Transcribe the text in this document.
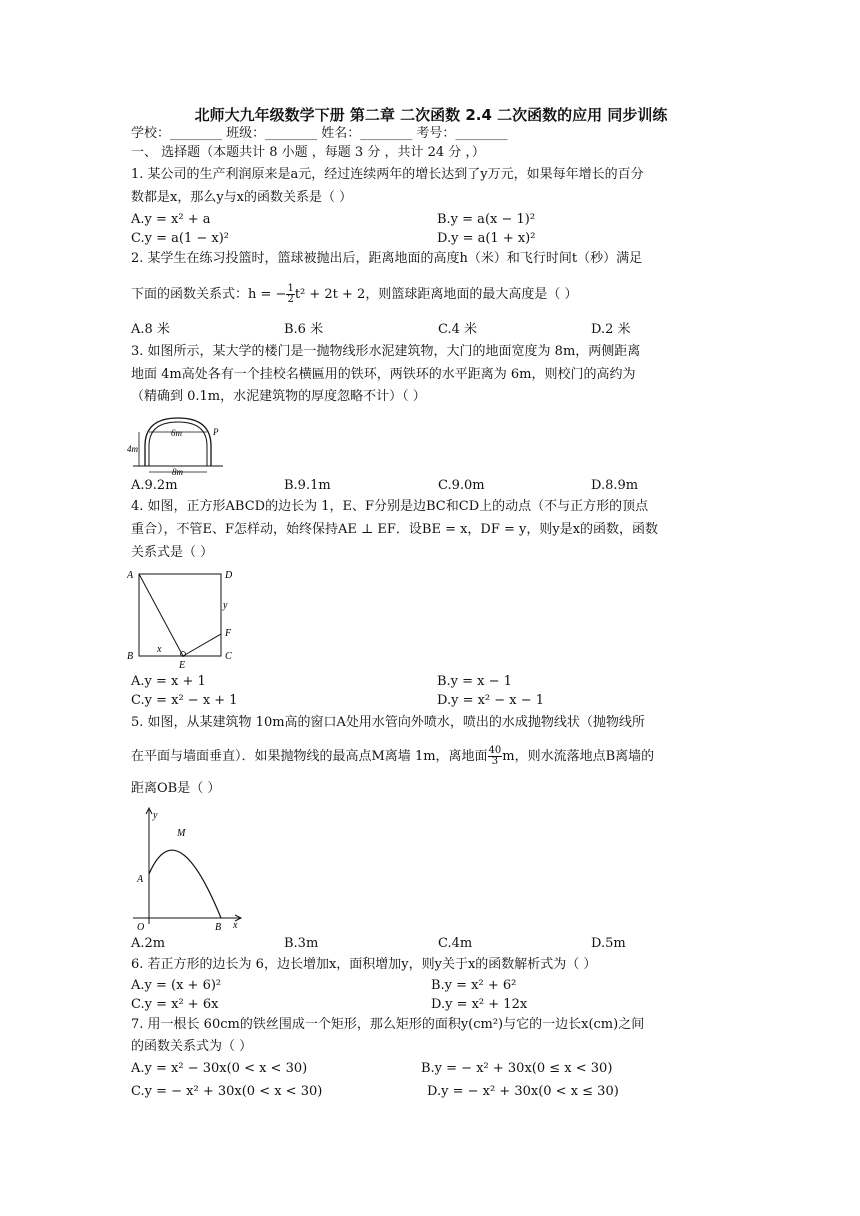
北师大九年级数学下册 第二章 二次函数 2.4 二次函数的应用 同步训练
学校：________ 班级：________ 姓名：________ 考号：________
一、 选择题（本题共计 8 小题 ，每题 3 分 ，共计 24 分 ，）
1. 某公司的生产利润原来是a元，经过连续两年的增长达到了y万元，如果每年增长的百分
数都是x，那么y与x的函数关系是（ ）
A.y = x² + a	B.y = a(x − 1)²
C.y = a(1 − x)²	D.y = a(1 + x)²
2. 某学生在练习投篮时，篮球被抛出后，距离地面的高度h（米）和飞行时间t（秒）满足
下面的函数关系式：h = − $\frac{1}{2} t^2 + 2t + 2$，则篮球距离地面的最大高度是（ ）
A.8 米	B.6 米	C.4 米	D.2 米
3. 如图所示，某大学的楼门是一抛物线形水泥建筑物，大门的地面宽度为 8m，两侧距离
地面 4m高处各有一个挂校名横匾用的铁环，两铁环的水平距离为 6m，则校门的高约为
（精确到 0.1m，水泥建筑物的厚度忽略不计）（ ）
4m
6m
8m
P
A.9.2m	B.9.1m	C.9.0m	D.8.9m
4. 如图，正方形ABCD的边长为 1，E、F分别是边BC和CD上的动点（不与正方形的顶点
重合），不管E、F怎样动，始终保持AE ⊥ EF．设BE = x，DF = y，则y是x的函数，函数
关系式是（ ）
A	D
B	C
E
F
x
y
A.y = x + 1	B.y = x − 1
C.y = x² − x + 1	D.y = x² − x − 1
5. 如图，从某建筑物 10m高的窗口A处用水管向外喷水，喷出的水成抛物线状（抛物线所
在平面与墙面垂直）．如果抛物线的最高点M离墙 1m，离地面 $\frac{40}{3}$ m，则水流落地点B离墙的
距离OB是（ ）
y
x
M
A
O	B
A.2m	B.3m	C.4m	D.5m
6. 若正方形的边长为 6，边长增加x，面积增加y，则y关于x的函数解析式为（ ）
A.y = (x + 6)²	B.y = x² + 6²
C.y = x² + 6x	D.y = x² + 12x
7. 用一根长 60cm的铁丝围成一个矩形，那么矩形的面积y(cm²)与它的一边长x(cm)之间
的函数关系式为（ ）
A.y = x² − 30x(0 < x < 30)	B.y = − x² + 30x(0 ≤ x < 30)
C.y = − x² + 30x(0 < x < 30)	D.y = − x² + 30x(0 < x ≤ 30)
